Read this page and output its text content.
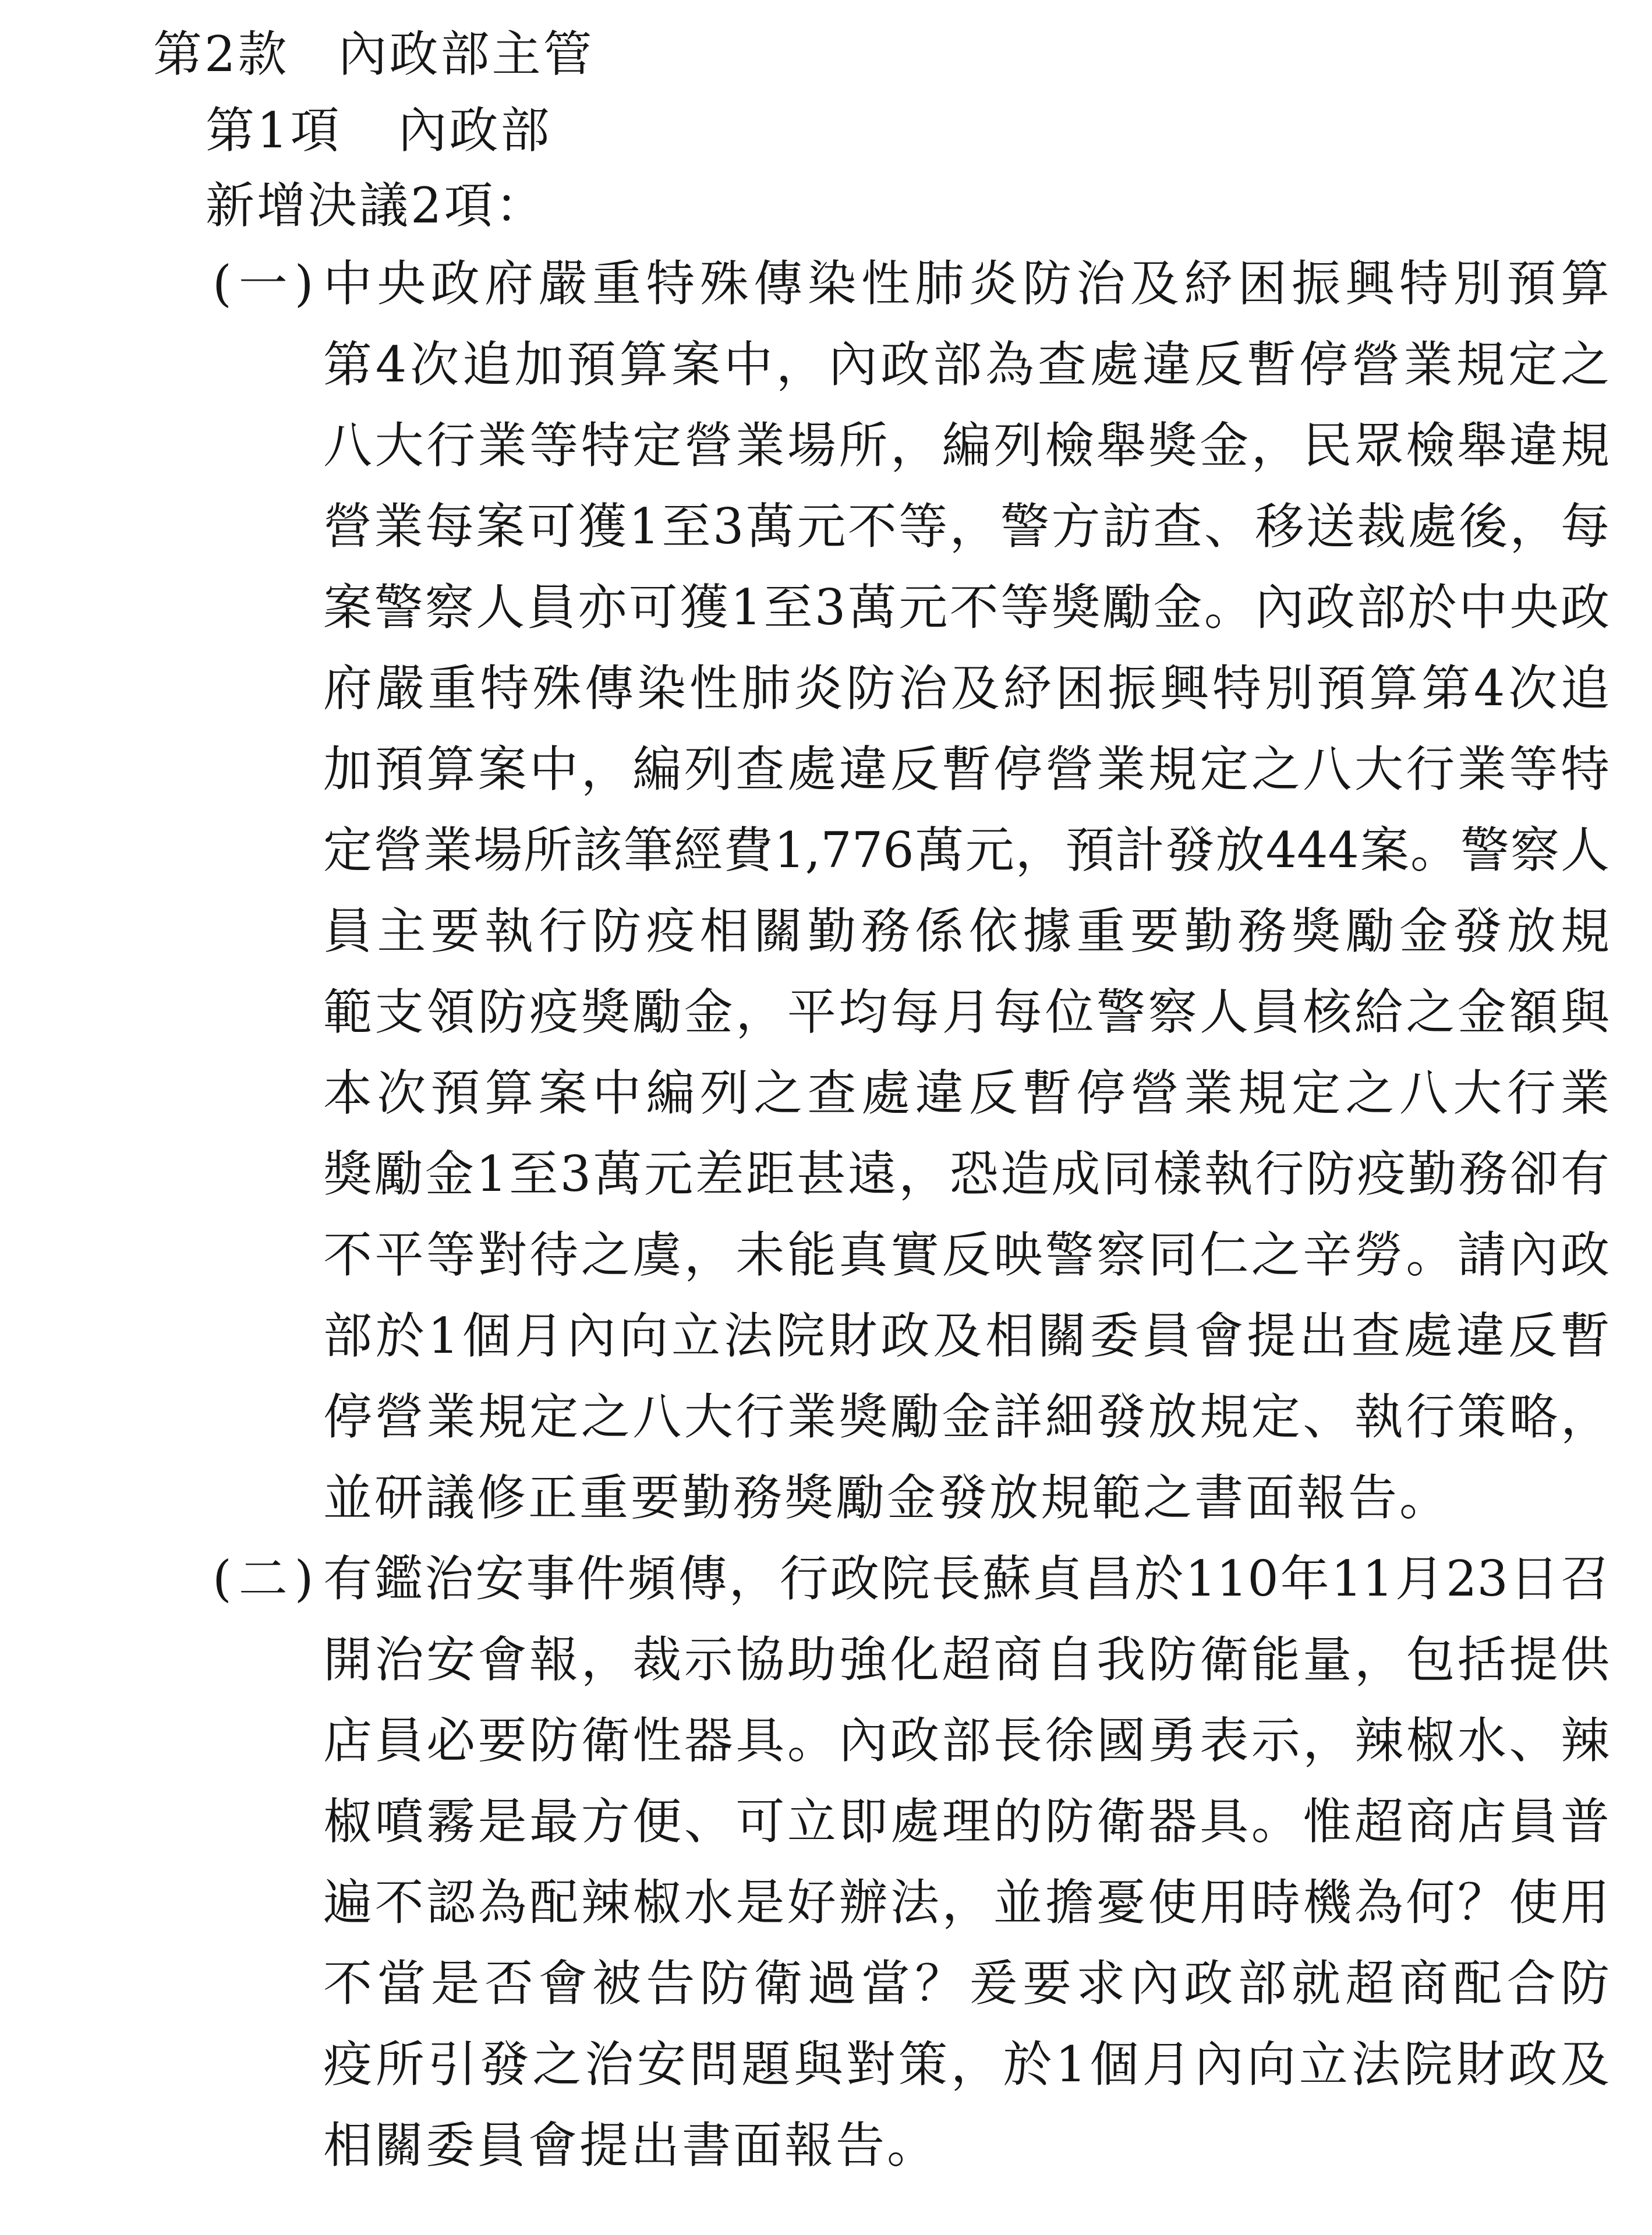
第2款 內政部主管
第1項 內政部
新增決議2項：
(一) 中央政府嚴重特殊傳染性肺炎防治及紓困振興特別預算
第4次追加預算案中，內政部為查處違反暫停營業規定之
八大行業等特定營業場所，編列檢舉獎金，民眾檢舉違規
營業每案可獲1至3萬元不等，警方訪查、移送裁處後，每
案警察人員亦可獲1至3萬元不等獎勵金。內政部於中央政
府嚴重特殊傳染性肺炎防治及紓困振興特別預算第4次追
加預算案中，編列查處違反暫停營業規定之八大行業等特
定營業場所該筆經費1,776萬元，預計發放444案。警察人
員主要執行防疫相關勤務係依據重要勤務獎勵金發放規
範支領防疫獎勵金，平均每月每位警察人員核給之金額與
本次預算案中編列之查處違反暫停營業規定之八大行業
獎勵金1至3萬元差距甚遠，恐造成同樣執行防疫勤務卻有
不平等對待之虞，未能真實反映警察同仁之辛勞。請內政
部於1個月內向立法院財政及相關委員會提出查處違反暫
停營業規定之八大行業獎勵金詳細發放規定、執行策略，
並研議修正重要勤務獎勵金發放規範之書面報告。
(二) 有鑑治安事件頻傳，行政院長蘇貞昌於110年11月23日召
開治安會報，裁示協助強化超商自我防衛能量，包括提供
店員必要防衛性器具。內政部長徐國勇表示，辣椒水、辣
椒噴霧是最方便、可立即處理的防衛器具。惟超商店員普
遍不認為配辣椒水是好辦法，並擔憂使用時機為何？使用
不當是否會被告防衛過當？爰要求內政部就超商配合防
疫所引發之治安問題與對策，於1個月內向立法院財政及
相關委員會提出書面報告。
